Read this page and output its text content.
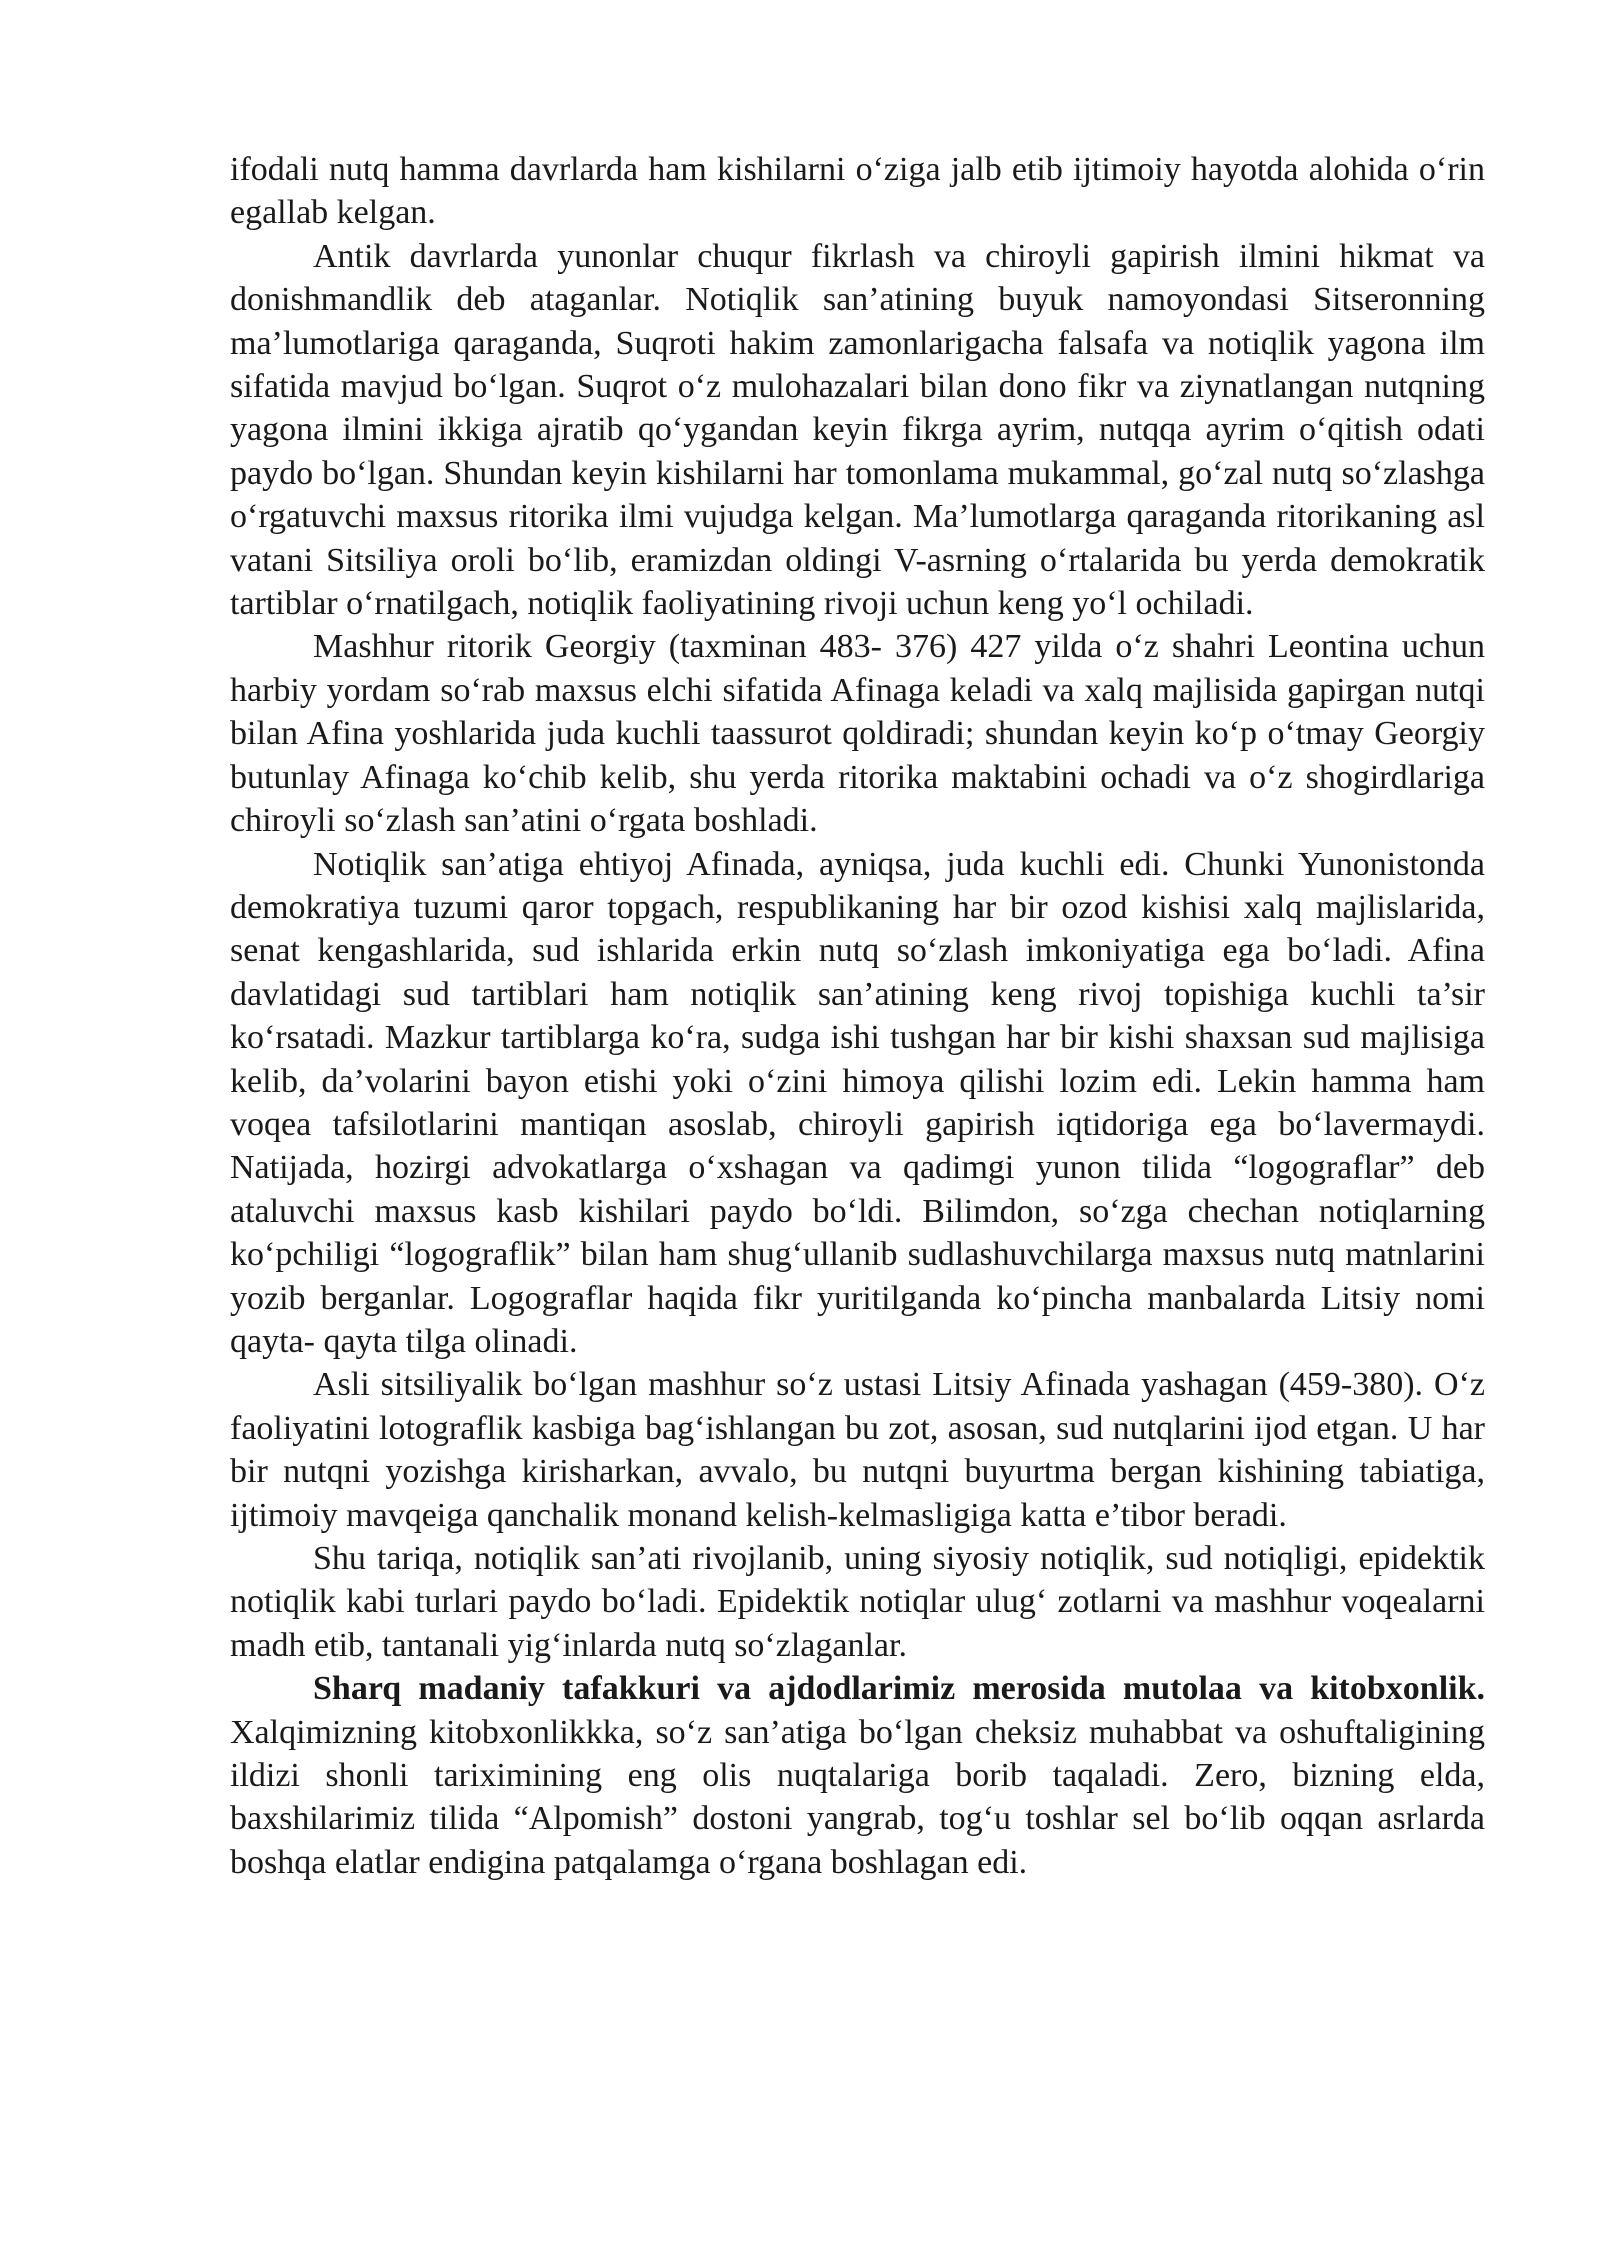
ifodali nutq hamma davrlarda ham kishilarni o‘ziga jalb etib ijtimoiy hayotda alohida o‘rin egallab kelgan.

Antik davrlarda yunonlar chuqur fikrlash va chiroyli gapirish ilmini hikmat va donishmandlik deb ataganlar. Notiqlik san’atining buyuk namoyondasi Sitseronning ma’lumotlariga qaraganda, Suqroti hakim zamonlarigacha falsafa va notiqlik yagona ilm sifatida mavjud bo‘lgan. Suqrot o‘z mulohazalari bilan dono fikr va ziynatlangan nutqning yagona ilmini ikkiga ajratib qo‘ygandan keyin fikrga ayrim, nutqqa ayrim o‘qitish odati paydo bo‘lgan. Shundan keyin kishilarni har tomonlama mukammal, go‘zal nutq so‘zlashga o‘rgatuvchi maxsus ritorika ilmi vujudga kelgan. Ma’lumotlarga qaraganda ritorikaning asl vatani Sitsiliya oroli bo‘lib, eramizdan oldingi V-asrning o‘rtalarida bu yerda demokratik tartiblar o‘rnatilgach, notiqlik faoliyatining rivoji uchun keng yo‘l ochiladi.

Mashhur ritorik Georgiy (taxminan 483- 376) 427 yilda o‘z shahri Leontina uchun harbiy yordam so‘rab maxsus elchi sifatida Afinaga keladi va xalq majlisida gapirgan nutqi bilan Afina yoshlarida juda kuchli taassurot qoldiradi; shundan keyin ko‘p o‘tmay Georgiy butunlay Afinaga ko‘chib kelib, shu yerda ritorika maktabini ochadi va o‘z shogirdlariga chiroyli so‘zlash san’atini o‘rgata boshladi.

Notiqlik san’atiga ehtiyoj Afinada, ayniqsa, juda kuchli edi. Chunki Yunonistonda demokratiya tuzumi qaror topgach, respublikaning har bir ozod kishisi xalq majlislarida, senat kengashlarida, sud ishlarida erkin nutq so‘zlash imkoniyatiga ega bo‘ladi. Afina davlatidagi sud tartiblari ham notiqlik san’atining keng rivoj topishiga kuchli ta’sir ko‘rsatadi. Mazkur tartiblarga ko‘ra, sudga ishi tushgan har bir kishi shaxsan sud majlisiga kelib, da’volarini bayon etishi yoki o‘zini himoya qilishi lozim edi. Lekin hamma ham voqea tafsilotlarini mantiqan asoslab, chiroyli gapirish iqtidoriga ega bo‘lavermaydi. Natijada, hozirgi advokatlarga o‘xshagan va qadimgi yunon tilida “logograflar” deb ataluvchi maxsus kasb kishilari paydo bo‘ldi. Bilimdon, so‘zga chechan notiqlarning ko‘pchiligi “logograflik” bilan ham shug‘ullanib sudlashuvchilarga maxsus nutq matnlarini yozib berganlar. Logograflar haqida fikr yuritilganda ko‘pincha manbalarda Litsiy nomi qayta- qayta tilga olinadi.

Asli sitsiliyalik bo‘lgan mashhur so‘z ustasi Litsiy Afinada yashagan (459-380). O‘z faoliyatini lotograflik kasbiga bag‘ishlangan bu zot, asosan, sud nutqlarini ijod etgan. U har bir nutqni yozishga kirisharkan, avvalo, bu nutqni buyurtma bergan kishining tabiatiga, ijtimoiy mavqeiga qanchalik monand kelish-kelmasligiga katta e’tibor beradi.

Shu tariqa, notiqlik san’ati rivojlanib, uning siyosiy notiqlik, sud notiqligi, epidektik notiqlik kabi turlari paydo bo‘ladi. Epidektik notiqlar ulug‘ zotlarni va mashhur voqealarni madh etib, tantanali yig‘inlarda nutq so‘zlaganlar.

Sharq madaniy tafakkuri va ajdodlarimiz merosida mutolaa va kitobxonlik. Xalqimizning kitobxonlikkka, so‘z san’atiga bo‘lgan cheksiz muhabbat va oshuftaligining ildizi shonli tariximining eng olis nuqtalariga borib taqaladi. Zero, bizning elda, baxshilarimiz tilida “Alpomish” dostoni yangrab, tog‘u toshlar sel bo‘lib oqqan asrlarda boshqa elatlar endigina patqalamga o‘rgana boshlagan edi.
